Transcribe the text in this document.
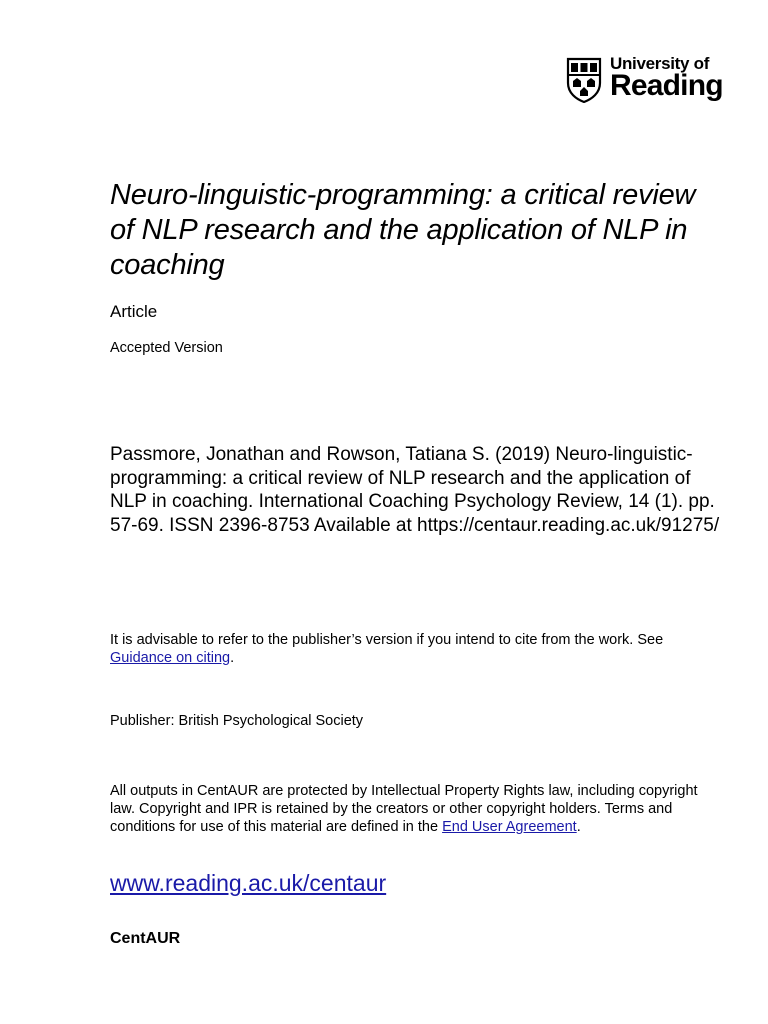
University of
Reading
Neuro-linguistic-programming: a critical review of NLP research and the application of NLP in coaching
Article
Accepted Version

Passmore, Jonathan and Rowson, Tatiana S. (2019) Neuro-linguistic-programming: a critical review of NLP research and the application of NLP in coaching. International Coaching Psychology Review, 14 (1). pp. 57-69. ISSN 2396-8753 Available at https://centaur.reading.ac.uk/91275/

It is advisable to refer to the publisher’s version if you intend to cite from the work. See Guidance on citing.

Publisher: British Psychological Society

All outputs in CentAUR are protected by Intellectual Property Rights law, including copyright law. Copyright and IPR is retained by the creators or other copyright holders. Terms and conditions for use of this material are defined in the End User Agreement.

www.reading.ac.uk/centaur
CentAUR
